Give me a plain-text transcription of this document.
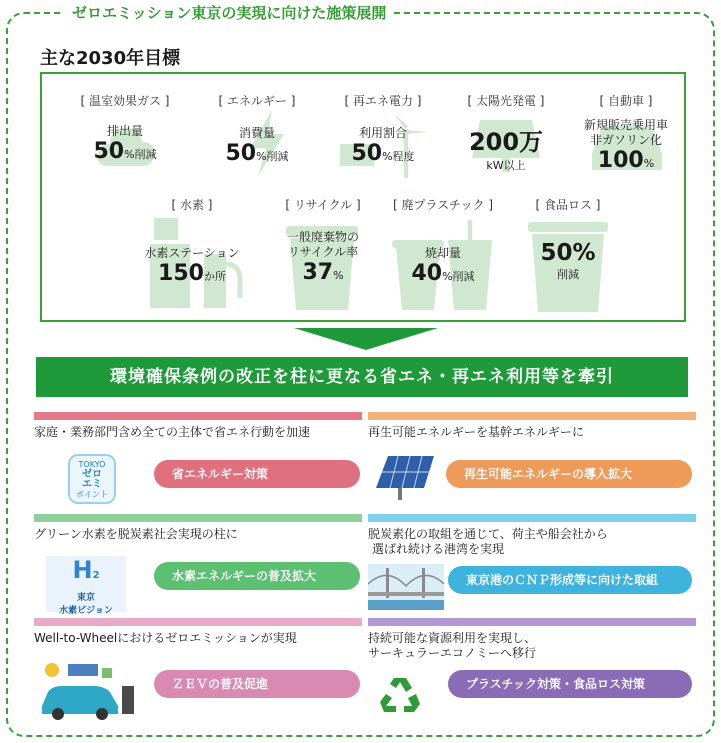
ゼロエミッション東京の実現に向けた施策展開
主な2030年目標
[ 温室効果ガス ]
排出量
50%削減
[ エネルギー ]
消費量
50%削減
[ 再エネ電力 ]
利用割合
50%程度
[ 太陽光発電 ]
200万
kW以上
[ 自動車 ]
新規販売乗用車
非ガソリン化
100%
[ 水素 ]
水素ステーション
150か所
[ リサイクル ]
一般廃棄物の
リサイクル率
37%
[ 廃プラスチック ]
焼却量
40%削減
[ 食品ロス ]
50%
削減
環境確保条例の改正を柱に更なる省エネ・再エネ利用等を牽引
家庭・業務部門含め全ての主体で省エネ行動を加速
TOKYO
ゼロ
エミ
ポイント
省エネルギー対策
再生可能エネルギーを基幹エネルギーに
再生可能エネルギーの導入拡大
グリーン水素を脱炭素社会実現の柱に
H2
東京
水素ビジョン
水素エネルギーの普及拡大
脱炭素化の取組を通じて、荷主や船会社から
選ばれ続ける港湾を実現
東京港のＣＮＰ形成等に向けた取組
Well-to-Wheelにおけるゼロエミッションが実現
ＺＥＶの普及促進
持続可能な資源利用を実現し、
サーキュラーエコノミーへ移行
プラスチック対策・食品ロス対策
